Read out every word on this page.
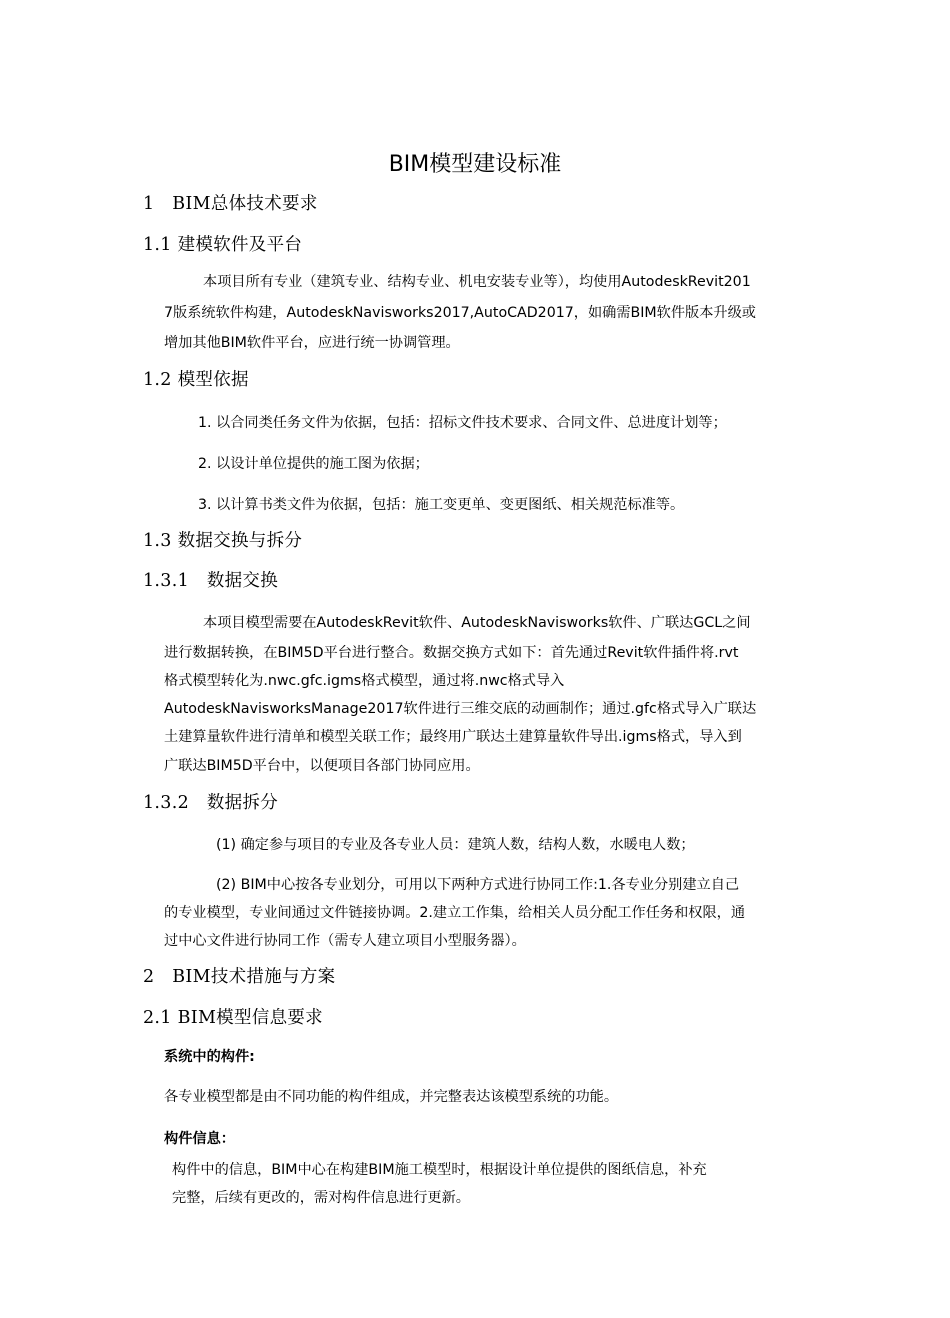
BIM模型建设标准
1　BIM总体技术要求
1.1 建模软件及平台
本项目所有专业（建筑专业、结构专业、机电安装专业等），均使用AutodeskRevit201
7版系统软件构建，AutodeskNavisworks2017,AutoCAD2017，如确需BIM软件版本升级或
增加其他BIM软件平台，应进行统一协调管理。
1.2 模型依据
1. 以合同类任务文件为依据，包括：招标文件技术要求、合同文件、总进度计划等；
2. 以设计单位提供的施工图为依据；
3. 以计算书类文件为依据，包括：施工变更单、变更图纸、相关规范标准等。
1.3 数据交换与拆分
1.3.1　数据交换
本项目模型需要在AutodeskRevit软件、AutodeskNavisworks软件、广联达GCL之间
进行数据转换，在BIM5D平台进行整合。数据交换方式如下：首先通过Revit软件插件将.rvt
格式模型转化为.nwc.gfc.igms格式模型，通过将.nwc格式导入
AutodeskNavisworksManage2017软件进行三维交底的动画制作；通过.gfc格式导入广联达
土建算量软件进行清单和模型关联工作；最终用广联达土建算量软件导出.igms格式，导入到
广联达BIM5D平台中，以便项目各部门协同应用。
1.3.2　数据拆分
(1) 确定参与项目的专业及各专业人员：建筑人数，结构人数，水暖电人数；
(2) BIM中心按各专业划分，可用以下两种方式进行协同工作:1.各专业分别建立自己
的专业模型，专业间通过文件链接协调。2.建立工作集，给相关人员分配工作任务和权限，通
过中心文件进行协同工作（需专人建立项目小型服务器）。
2　BIM技术措施与方案
2.1 BIM模型信息要求
系统中的构件:
各专业模型都是由不同功能的构件组成，并完整表达该模型系统的功能。
构件信息：
构件中的信息，BIM中心在构建BIM施工模型时，根据设计单位提供的图纸信息，补充
完整，后续有更改的，需对构件信息进行更新。
